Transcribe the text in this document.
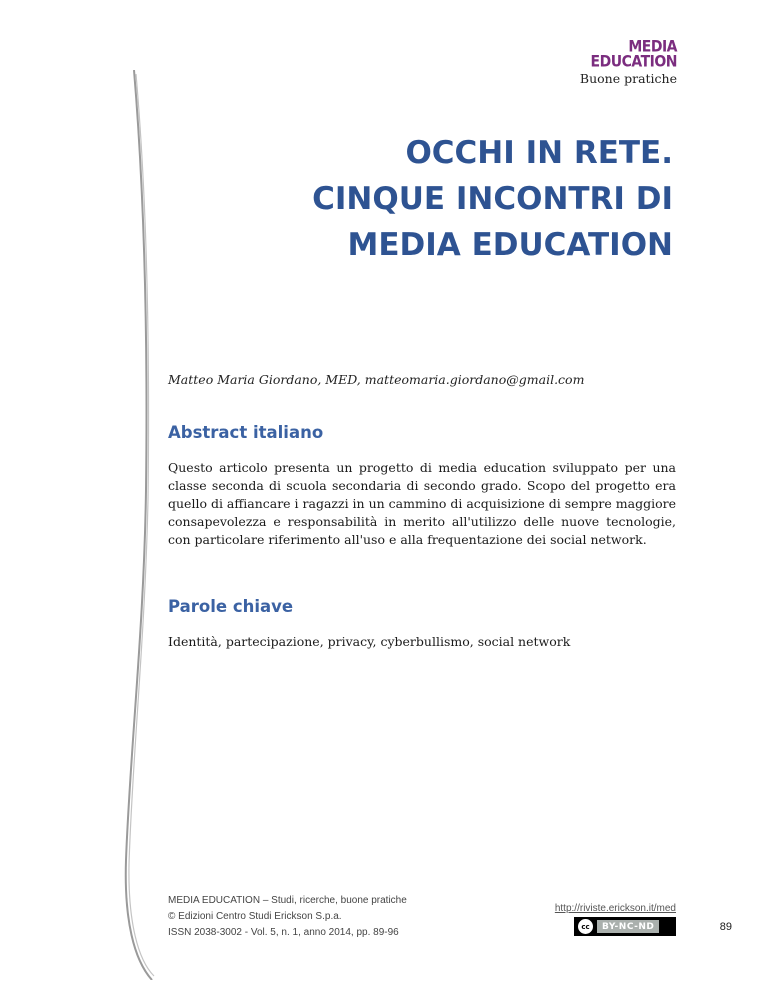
MEDIA
EDUCATION
Buone pratiche
OCCHI IN RETE.
CINQUE INCONTRI DI
MEDIA EDUCATION
Matteo Maria Giordano, MED, matteomaria.giordano@gmail.com
Abstract italiano

Questo articolo presenta un progetto di media education sviluppato per una classe seconda di scuola secondaria di secondo grado. Scopo del progetto era quello di affiancare i ragazzi in un cammino di acquisizione di sempre maggiore consapevolezza e responsabilità in merito all'utilizzo delle nuove tecnologie, con particolare riferimento all'uso e alla frequentazione dei social network.

Parole chiave

Identità, partecipazione, privacy, cyberbullismo, social network

MEDIA EDUCATION – Studi, ricerche, buone pratiche
© Edizioni Centro Studi Erickson S.p.a.
ISSN 2038-3002 - Vol. 5, n. 1, anno 2014, pp. 89-96
http://riviste.erickson.it/med
cc	BY-NC-ND	89
